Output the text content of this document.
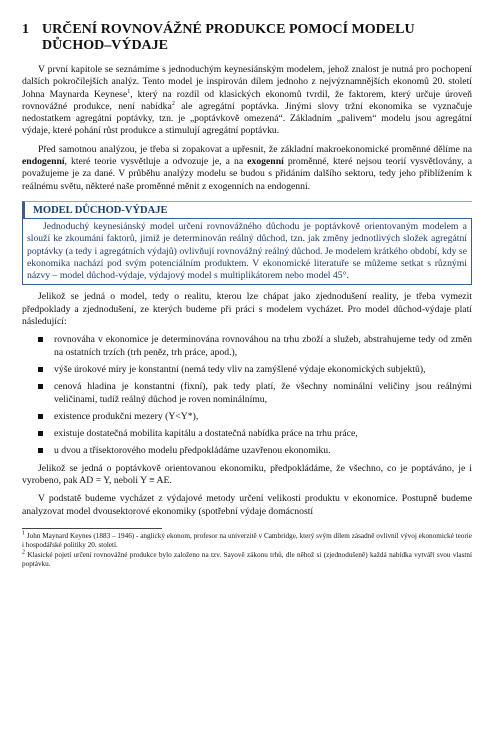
1 URČENÍ ROVNOVÁŽNÉ PRODUKCE POMOCÍ MODELU DŮCHOD–VÝDAJE

V první kapitole se seznámíme s jednoduchým keynesiánským modelem, jehož znalost je nutná pro pochopení dalších pokročilejších analýz. Tento model je inspirován dílem jednoho z nejvýznamnějších ekonomů 20. století Johna Maynarda Keynese$^1$, který na rozdíl od klasických ekonomů tvrdil, že faktorem, který určuje úroveň rovnovážné produkce, není nabídka$^2$ ale agregátní poptávka. Jinými slovy tržní ekonomika se vyznačuje nedostatkem agregátní poptávky, tzn. je „poptávkově omezená“. Základním „palivem“ modelu jsou agregátní výdaje, které pohání růst produkce a stimulují agregátní poptávku.

Před samotnou analýzou, je třeba si zopakovat a upřesnit, že základní makroekonomické proměnné dělíme na endogenní, které teorie vysvětluje a odvozuje je, a na exogenní proměnné, které nejsou teorií vysvětlovány, a považujeme je za dané. V průběhu analýzy modelu se budou s přidáním dalšího sektoru, tedy jeho přiblížením k reálnému světu, některé naše proměnné měnit z exogenních na endogenní.

MODEL DŮCHOD-VÝDAJE

Jednoduchý keynesiánský model určení rovnovážného důchodu je poptávkově orientovaným modelem a slouží ke zkoumání faktorů, jimiž je determinován reálný důchod, tzn. jak změny jednotlivých složek agregátní poptávky (a tedy i agregátních výdajů) ovlivňují rovnovážný reálný důchod. Je modelem krátkého období, kdy se ekonomika nachází pod svým potenciálním produktem. V ekonomické literatuře se můžeme setkat s různými názvy – model důchod-výdaje, výdajový model s multiplikátorem nebo model 45°.

Jelikož se jedná o model, tedy o realitu, kterou lze chápat jako zjednodušení reality, je třeba vymezit předpoklady a zjednodušení, ze kterých budeme při práci s modelem vycházet. Pro model důchod-výdaje platí následující:

rovnováha v ekonomice je determinována rovnováhou na trhu zboží a služeb, abstrahujeme tedy od změn na ostatních trzích (trh peněz, trh práce, apod.),
výše úrokové míry je konstantní (nemá tedy vliv na zamýšlené výdaje ekonomických subjektů),
cenová hladina je konstantní (fixní), pak tedy platí, že všechny nominální veličiny jsou reálnými veličinami, tudíž reálný důchod je roven nominálnímu,
existence produkční mezery (Y<Y*),
existuje dostatečná mobilita kapitálu a dostatečná nabídka práce na trhu práce,
u dvou a třísektorového modelu předpokládáme uzavřenou ekonomiku.

Jelikož se jedná o poptávkově orientovanou ekonomiku, předpokládáme, že všechno, co je poptáváno, je i vyrobeno, pak AD = Y, neboli Y ≡ AE.

V podstatě budeme vycházet z výdajové metody určení velikosti produktu v ekonomice. Postupně budeme analyzovat model dvousektorové ekonomiky (spotřební výdaje domácností

$^1$ John Maynard Keynes (1883 – 1946) - anglický ekonom, profesor na univerzitě v Cambridge, který svým dílem zásadně ovlivnil vývoj ekonomické teorie i hospodářské politiky 20. století.

$^2$ Klasické pojetí určení rovnovážné produkce bylo založeno na tzv. Sayově zákonu trhů, dle něhož si (zjednodušeně) každá nabídka vytváří svou vlastní poptávku.
